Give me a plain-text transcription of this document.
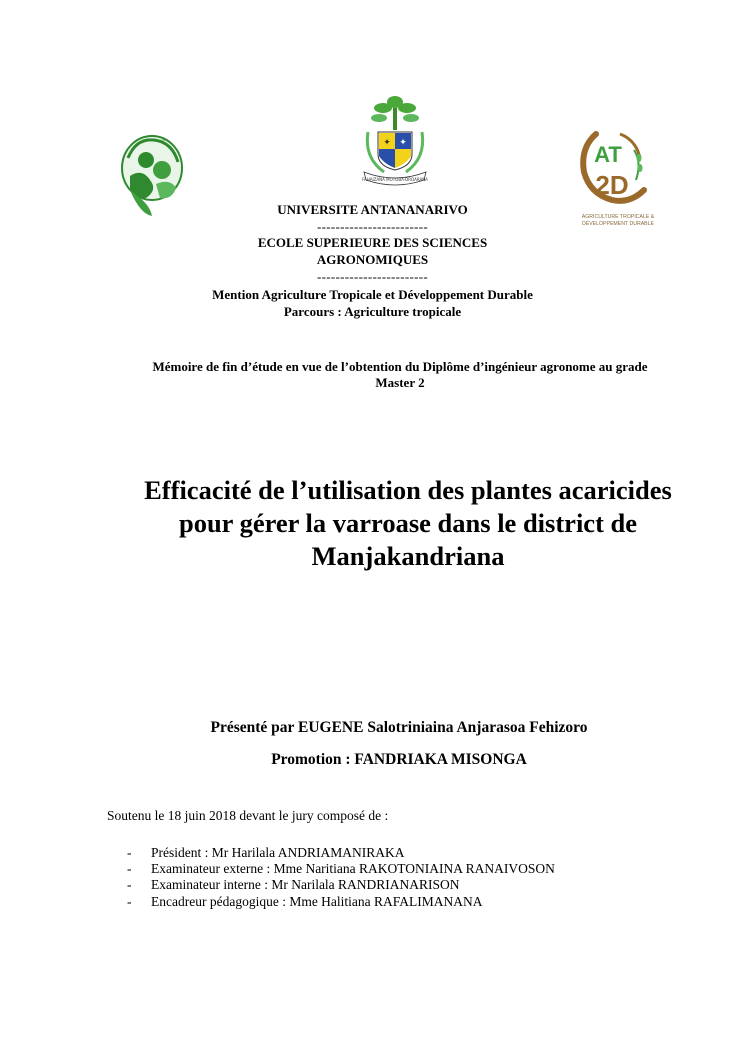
~~~~~	✦ ✦
FAHAIZANA MOTOBA-DROARANA
AT
2D
AGRICULTURE TROPICALE &
DÉVELOPPEMENT DURABLE
UNIVERSITE ANTANANARIVO
------------------------
ECOLE SUPERIEURE DES SCIENCES
AGRONOMIQUES
------------------------
Mention Agriculture Tropicale et Développement Durable
Parcours : Agriculture tropicale
Mémoire de fin d’étude en vue de l’obtention du Diplôme d’ingénieur agronome au grade
Master 2
Efficacité de l’utilisation des plantes acaricides
pour gérer la varroase dans le district de
Manjakandriana
Présenté par EUGENE Salotriniaina Anjarasoa Fehizoro
Promotion : FANDRIAKA MISONGA
Soutenu le 18 juin 2018 devant le jury composé de :
- Président : Mr Harilala ANDRIAMANIRAKA
- Examinateur externe : Mme Naritiana RAKOTONIAINA RANAIVOSON
- Examinateur interne : Mr Narilala RANDRIANARISON
- Encadreur pédagogique : Mme Halitiana RAFALIMANANA
